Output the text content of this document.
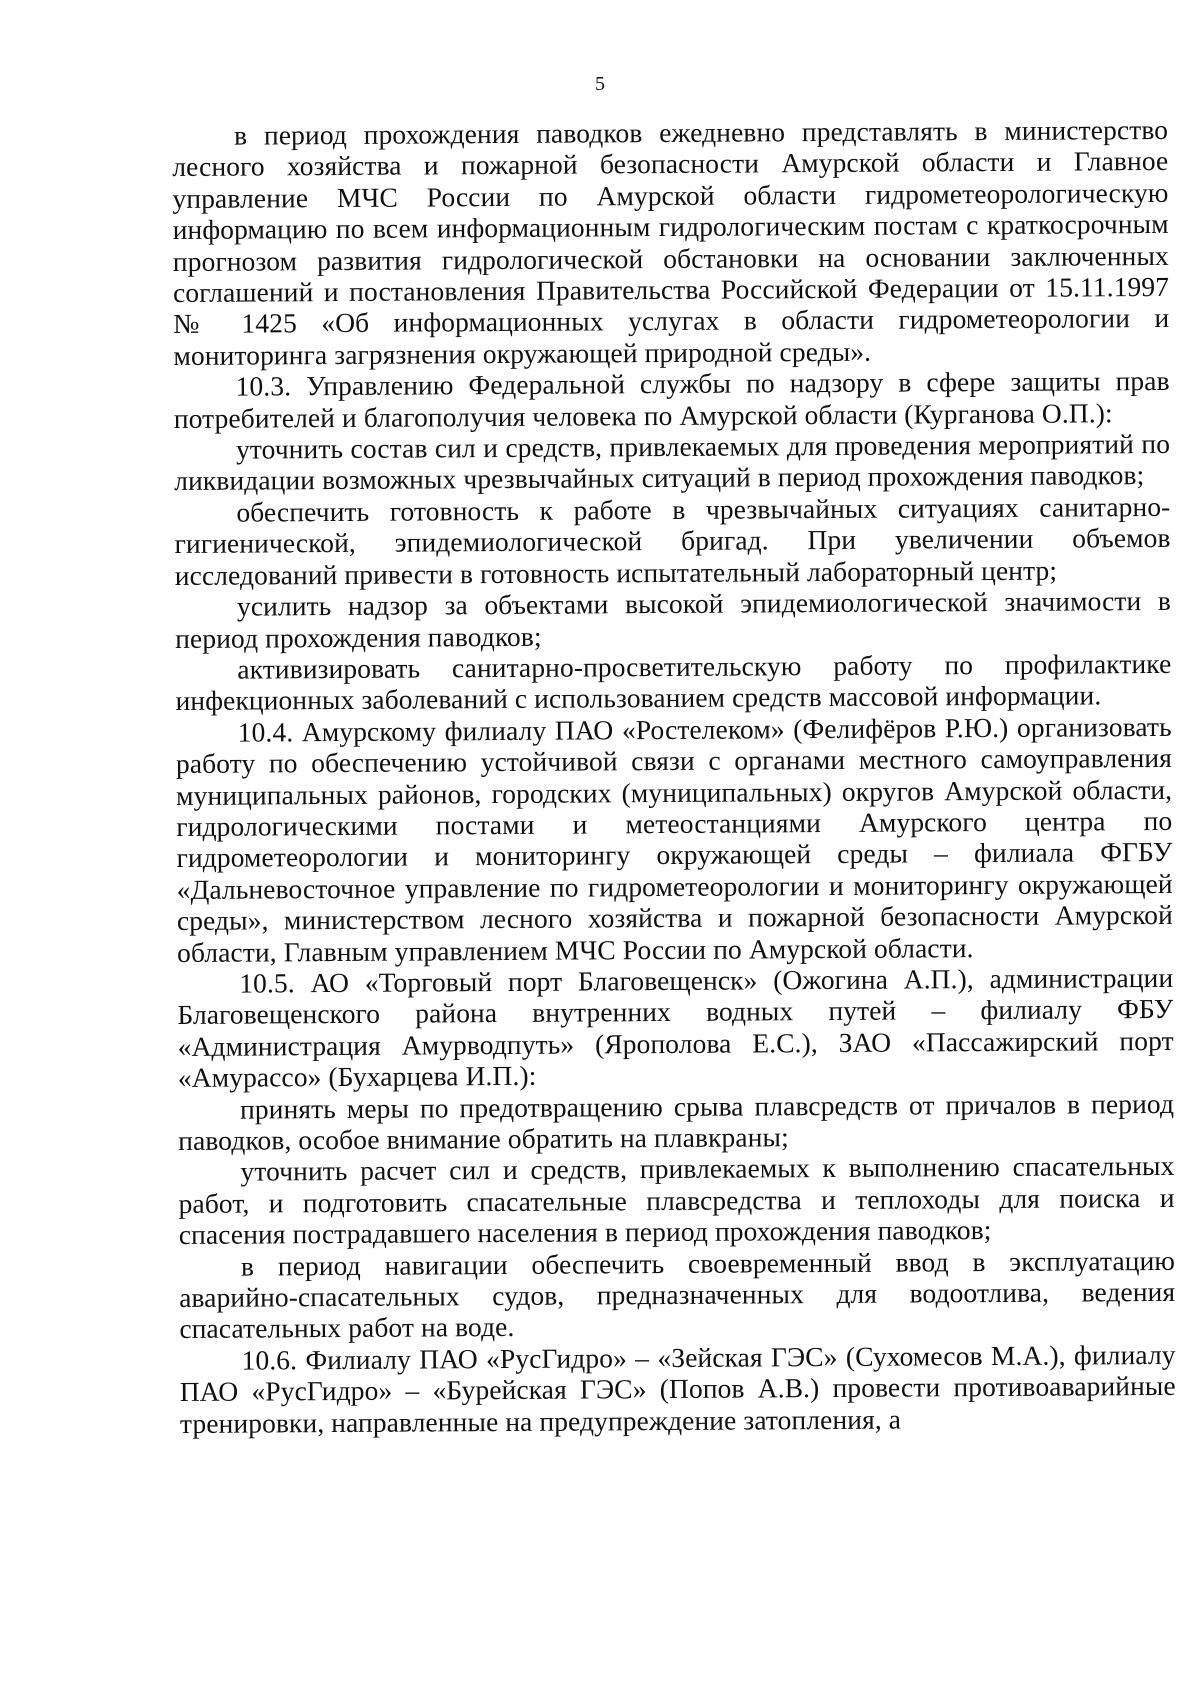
5

в период прохождения паводков ежедневно представлять в министерство лесного хозяйства и пожарной безопасности Амурской области и Главное управление МЧС России по Амурской области гидрометеорологическую информацию по всем информационным гидрологическим постам с краткосрочным прогнозом развития гидрологической обстановки на основании заключенных соглашений и постановления Правительства Российской Федерации от 15.11.1997 № 1425 «Об информационных услугах в области гидрометеорологии и мониторинга загрязнения окружающей природной среды».

10.3. Управлению Федеральной службы по надзору в сфере защиты прав потребителей и благополучия человека по Амурской области (Курганова О.П.):

уточнить состав сил и средств, привлекаемых для проведения мероприятий по ликвидации возможных чрезвычайных ситуаций в период прохождения паводков;

обеспечить готовность к работе в чрезвычайных ситуациях санитарно-гигиенической, эпидемиологической бригад. При увеличении объемов исследований привести в готовность испытательный лабораторный центр;

усилить надзор за объектами высокой эпидемиологической значимости в период прохождения паводков;

активизировать санитарно-просветительскую работу по профилактике инфекционных заболеваний с использованием средств массовой информации.

10.4. Амурскому филиалу ПАО «Ростелеком» (Фелифёров Р.Ю.) организовать работу по обеспечению устойчивой связи с органами местного самоуправления муниципальных районов, городских (муниципальных) округов Амурской области, гидрологическими постами и метеостанциями Амурского центра по гидрометеорологии и мониторингу окружающей среды – филиала ФГБУ «Дальневосточное управление по гидрометеорологии и мониторингу окружающей среды», министерством лесного хозяйства и пожарной безопасности Амурской области, Главным управлением МЧС России по Амурской области.

10.5. АО «Торговый порт Благовещенск» (Ожогина А.П.), администрации Благовещенского района внутренних водных путей – филиалу ФБУ «Администрация Амурводпуть» (Ярополова Е.С.), ЗАО «Пассажирский порт «Амурассо» (Бухарцева И.П.):

принять меры по предотвращению срыва плавсредств от причалов в период паводков, особое внимание обратить на плавкраны;

уточнить расчет сил и средств, привлекаемых к выполнению спасательных работ, и подготовить спасательные плавсредства и теплоходы для поиска и спасения пострадавшего населения в период прохождения паводков;

в период навигации обеспечить своевременный ввод в эксплуатацию аварийно-спасательных судов, предназначенных для водоотлива, ведения спасательных работ на воде.

10.6. Филиалу ПАО «РусГидро» – «Зейская ГЭС» (Сухомесов М.А.), филиалу ПАО «РусГидро» – «Бурейская ГЭС» (Попов А.В.) провести противоаварийные тренировки, направленные на предупреждение затопления, а
